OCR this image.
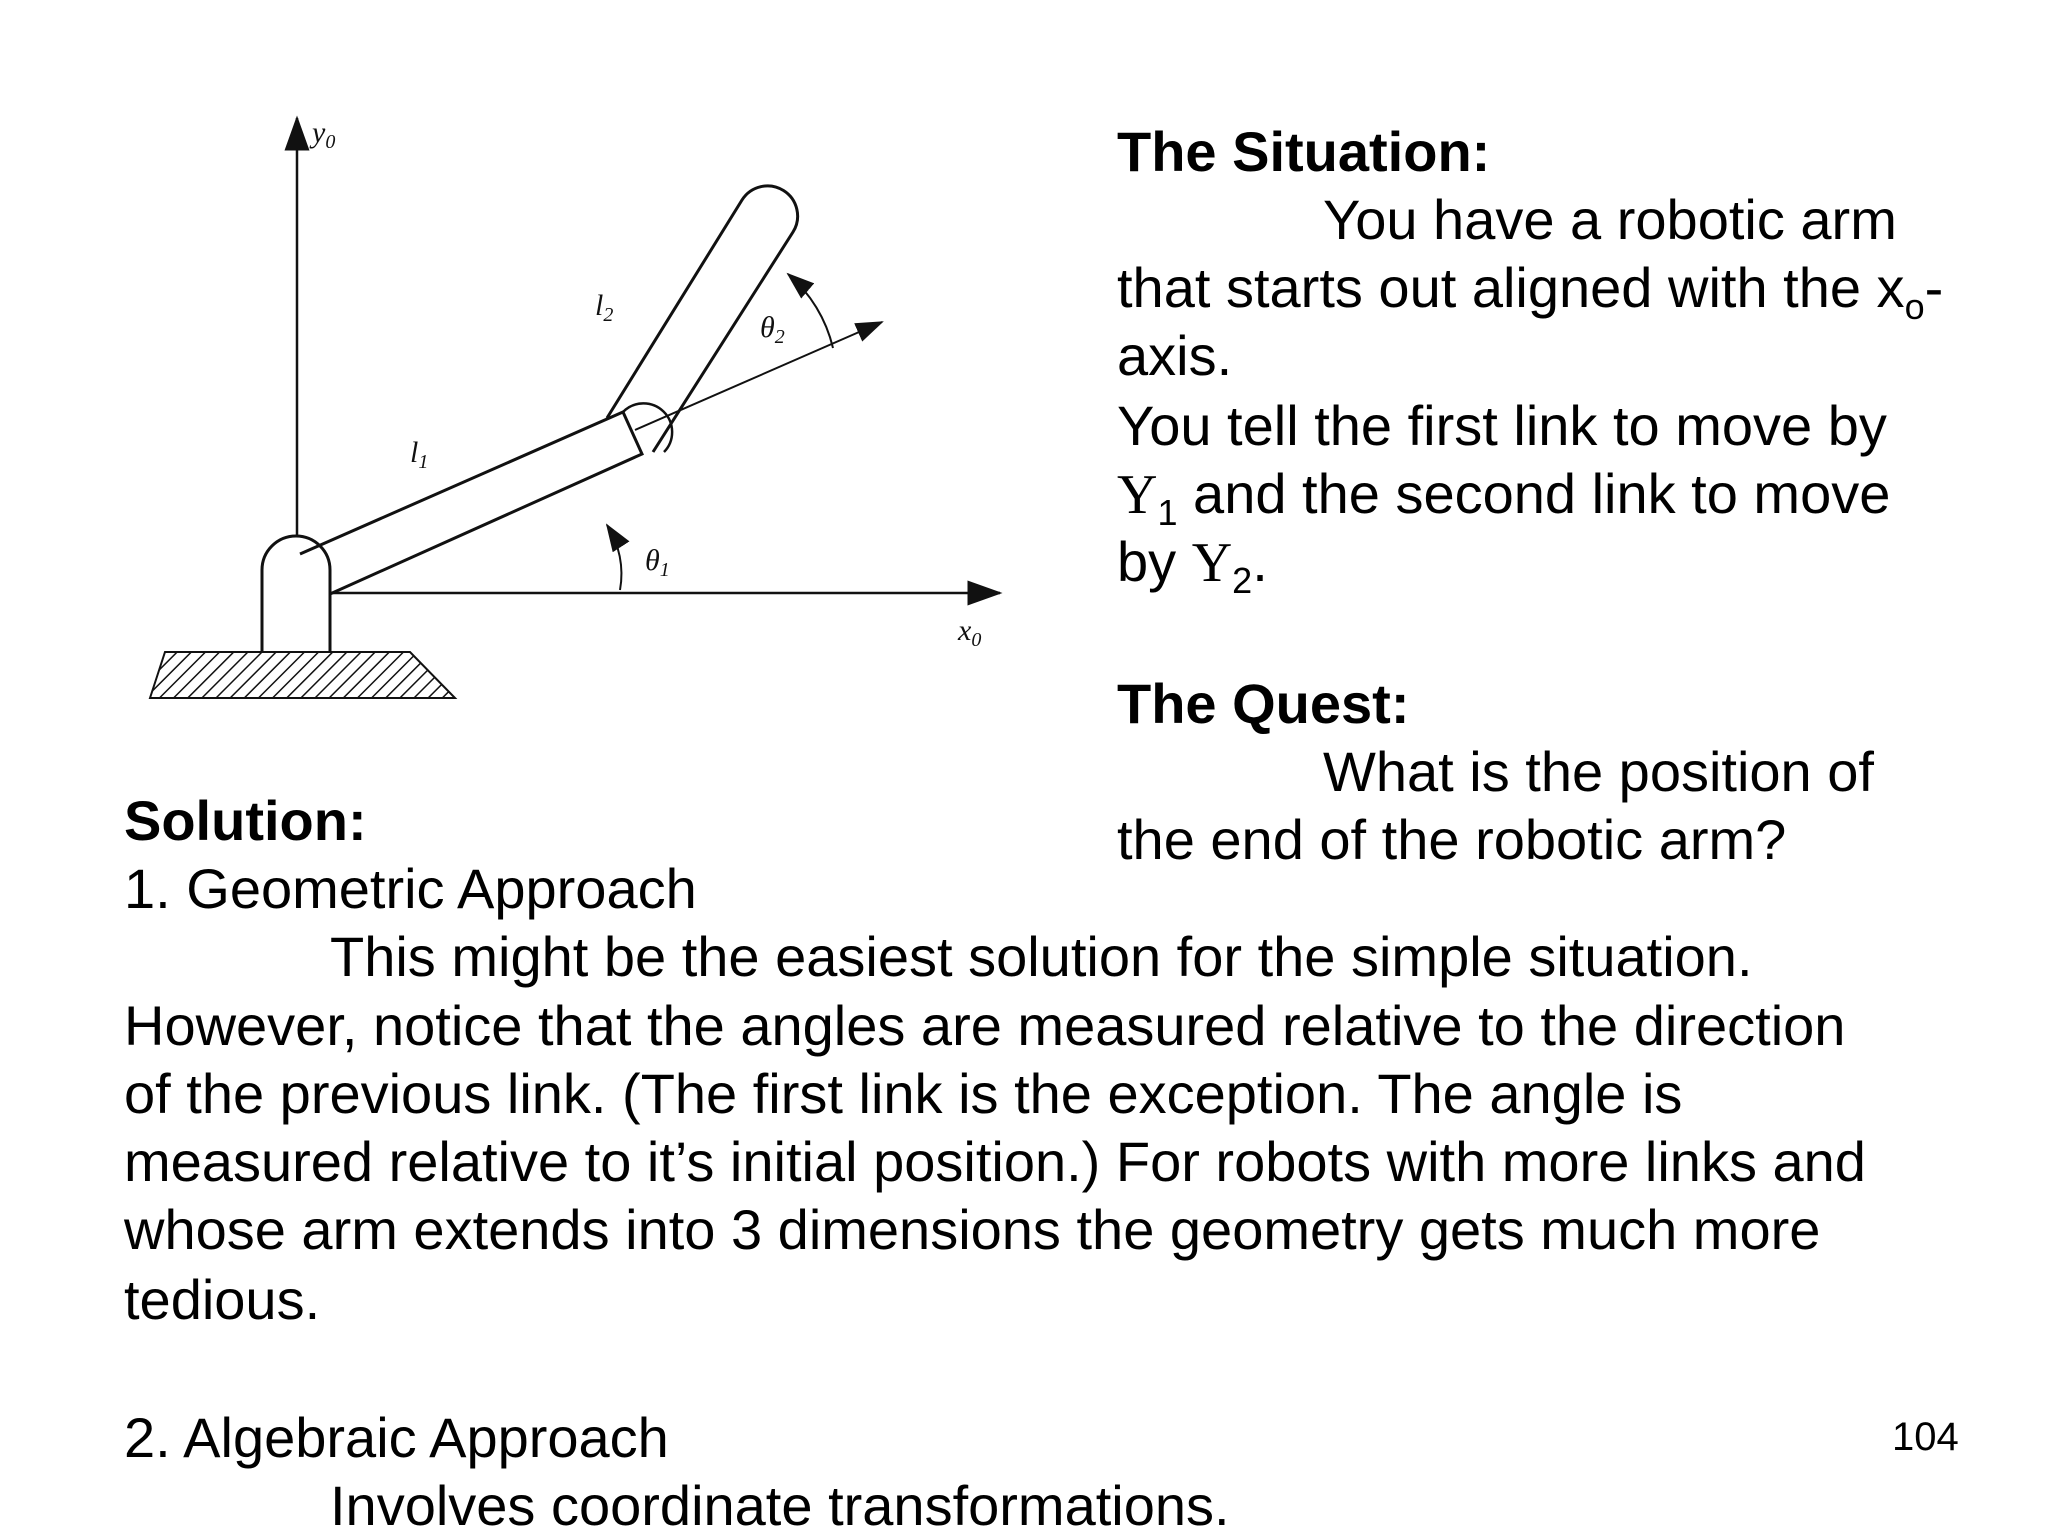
$y_0$
$x_0$
$\theta_1$
$\theta_2$
$l_2$
$l_1$
The Situation:
You have a robotic arm
that starts out aligned with the $x_o-$
axis.
You tell the first link to move by
$\Upsilon_1$ and the second link to move
by $\Upsilon_2$.
The Quest:
What is the position of
the end of the robotic arm?
Solution:
1. Geometric Approach
This might be the easiest solution for the simple situation.
However, notice that the angles are measured relative to the direction
of the previous link. (The first link is the exception. The angle is
measured relative to it’s initial position.) For robots with more links and
whose arm extends into 3 dimensions the geometry gets much more
tedious.
2. Algebraic Approach
Involves coordinate transformations.
104
